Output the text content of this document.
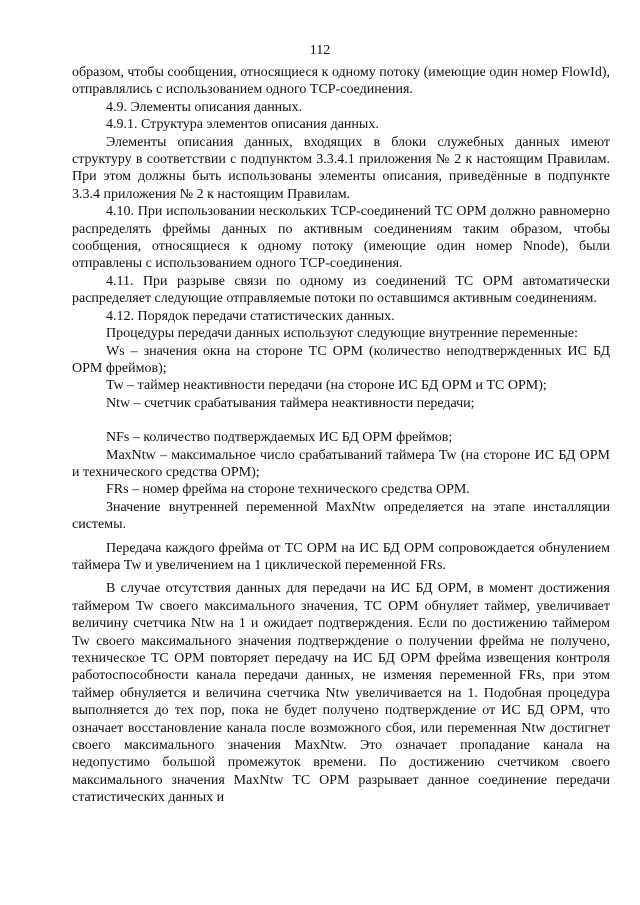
112

образом, чтобы сообщения, относящиеся к одному потоку (имеющие один номер FlowId), отправлялись с использованием одного TCP-соединения.

4.9. Элементы описания данных.

4.9.1. Структура элементов описания данных.

Элементы описания данных, входящих в блоки служебных данных имеют структуру в соответствии с подпунктом 3.3.4.1 приложения № 2 к настоящим Правилам. При этом должны быть использованы элементы описания, приведённые в подпункте 3.3.4 приложения № 2 к настоящим Правилам.

4.10. При использовании нескольких TCP-соединений ТС ОРМ должно равномерно распределять фреймы данных по активным соединениям таким образом, чтобы сообщения, относящиеся к одному потоку (имеющие один номер Nnode), были отправлены с использованием одного TCP-соединения.

4.11. При разрыве связи по одному из соединений ТС ОРМ автоматически распределяет следующие отправляемые потоки по оставшимся активным соединениям.

4.12. Порядок передачи статистических данных.

Процедуры передачи данных используют следующие внутренние переменные:

Ws – значения окна на стороне ТС ОРМ (количество неподтвержденных ИС БД ОРМ фреймов);

Tw – таймер неактивности передачи (на стороне ИС БД ОРМ и ТС ОРМ);

Ntw – счетчик срабатывания таймера неактивности передачи;

NFs – количество подтверждаемых ИС БД ОРМ фреймов;

MaxNtw – максимальное число срабатываний таймера Tw (на стороне ИС БД ОРМ и технического средства ОРМ);

FRs – номер фрейма на стороне технического средства ОРМ.

Значение внутренней переменной MaxNtw определяется на этапе инсталляции системы.

Передача каждого фрейма от ТС ОРМ на ИС БД ОРМ сопровождается обнулением таймера Tw и увеличением на 1 циклической переменной FRs.

В случае отсутствия данных для передачи на ИС БД ОРМ, в момент достижения таймером Tw своего максимального значения, ТС ОРМ обнуляет таймер, увеличивает величину счетчика Ntw на 1 и ожидает подтверждения. Если по достижению таймером Tw своего максимального значения подтверждение о получении фрейма не получено, техническое ТС ОРМ повторяет передачу на ИС БД ОРМ фрейма извещения контроля работоспособности канала передачи данных, не изменяя переменной FRs, при этом таймер обнуляется и величина счетчика Ntw увеличивается на 1. Подобная процедура выполняется до тех пор, пока не будет получено подтверждение от ИС БД ОРМ, что означает восстановление канала после возможного сбоя, или переменная Ntw достигнет своего максимального значения MaxNtw. Это означает пропадание канала на недопустимо большой промежуток времени. По достижению счетчиком своего максимального значения MaxNtw ТС ОРМ разрывает данное соединение передачи статистических данных и
